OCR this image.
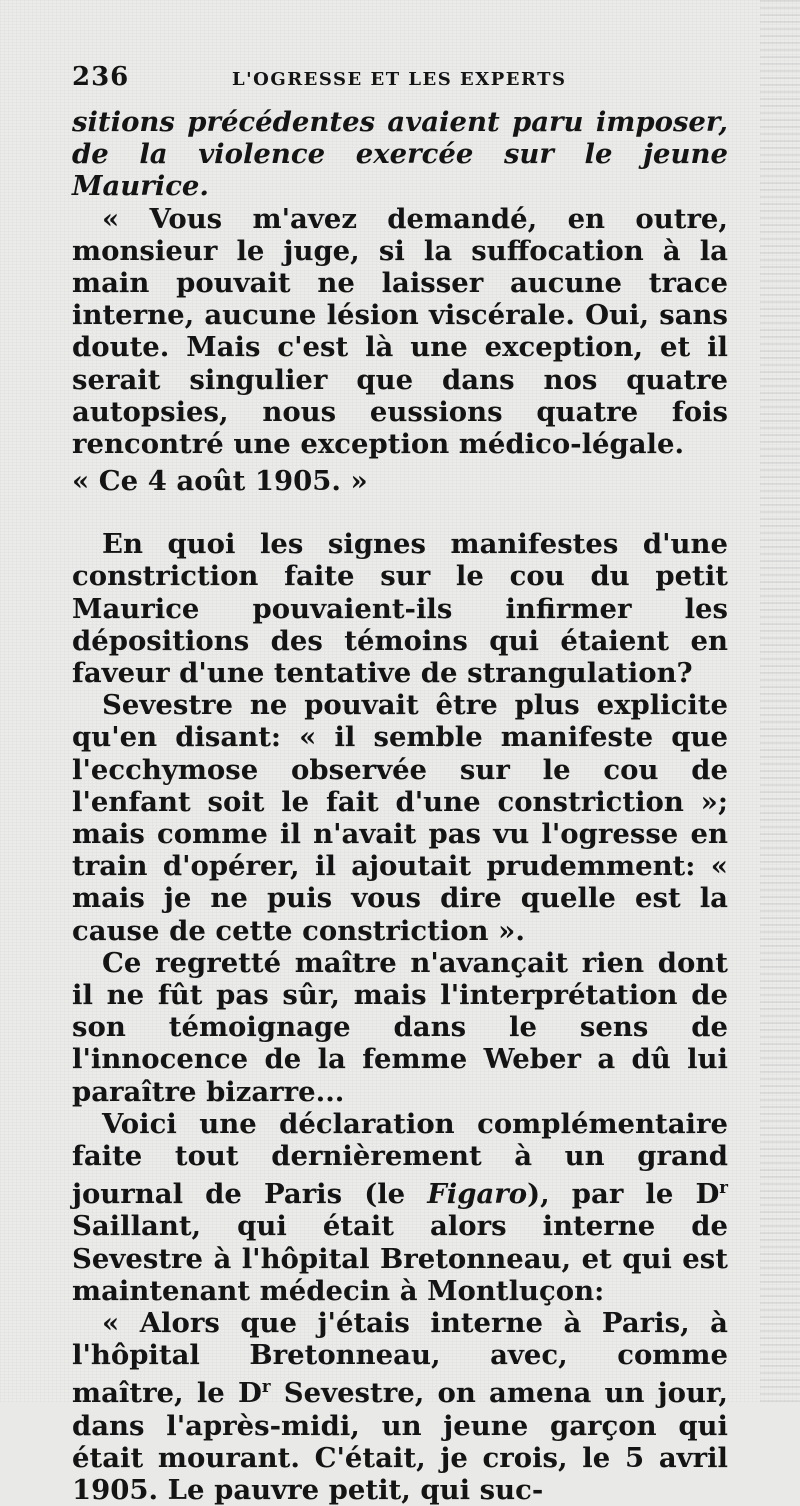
236	L'OGRESSE ET LES EXPERTS

sitions précédentes avaient paru imposer, de la violence exercée sur le jeune Maurice.

« Vous m'avez demandé, en outre, monsieur le juge, si la suffocation à la main pouvait ne laisser aucune trace interne, aucune lésion viscérale. Oui, sans doute. Mais c'est là une exception, et il serait singulier que dans nos quatre autopsies, nous eussions quatre fois rencontré une exception médico-légale.

« Ce 4 août 1905. »

En quoi les signes manifestes d'une constriction faite sur le cou du petit Maurice pouvaient-ils infirmer les dépositions des témoins qui étaient en faveur d'une tentative de strangulation?

Sevestre ne pouvait être plus explicite qu'en disant: « il semble manifeste que l'ecchymose observée sur le cou de l'enfant soit le fait d'une constriction »; mais comme il n'avait pas vu l'ogresse en train d'opérer, il ajoutait prudemment: « mais je ne puis vous dire quelle est la cause de cette constriction ».

Ce regretté maître n'avançait rien dont il ne fût pas sûr, mais l'interprétation de son témoignage dans le sens de l'innocence de la femme Weber a dû lui paraître bizarre...

Voici une déclaration complémentaire faite tout dernièrement à un grand journal de Paris (le Figaro), par le $D^r$ Saillant, qui était alors interne de Sevestre à l'hôpital Bretonneau, et qui est maintenant médecin à Montluçon:

« Alors que j'étais interne à Paris, à l'hôpital Bretonneau, avec, comme maître, le $D^r$ Sevestre, on amena un jour, dans l'après-midi, un jeune garçon qui était mourant. C'était, je crois, le 5 avril 1905. Le pauvre petit, qui suc-
